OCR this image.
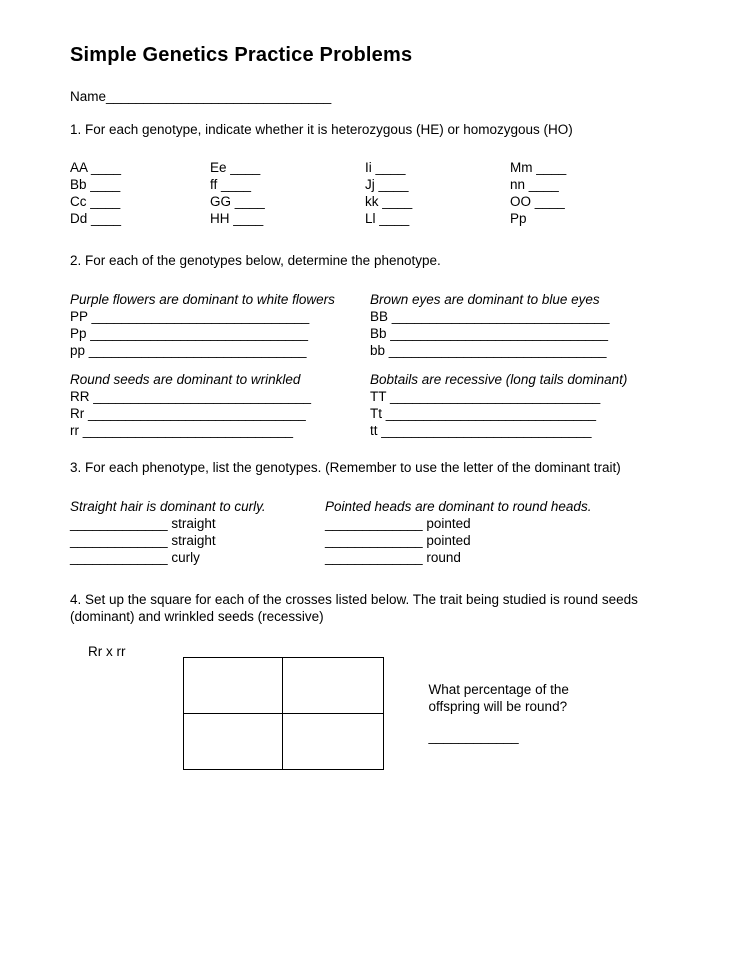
Simple Genetics Practice Problems
Name______________________________
1. For each genotype, indicate whether it is heterozygous (HE) or homozygous (HO)
AA ____
Bb ____
Cc ____
Dd ____
Ee ____
ff ____
GG ____
HH ____
Ii ____
Jj ____
kk ____
Ll ____
Mm ____
nn ____
OO ____
Pp
2. For each of the genotypes below, determine the phenotype.
Purple flowers are dominant to white flowers
PP _____________________________
Pp _____________________________
pp _____________________________
Brown eyes are dominant to blue eyes
BB _____________________________
Bb _____________________________
bb _____________________________
Round seeds are dominant to wrinkled
RR _____________________________
Rr _____________________________
rr ____________________________
Bobtails are recessive (long tails dominant)
TT ____________________________
Tt ____________________________
tt ____________________________
3. For each phenotype, list the genotypes. (Remember to use the letter of the dominant trait)
Straight hair is dominant to curly.
_____________ straight
_____________ straight
_____________ curly
Pointed heads are dominant to round heads.
_____________ pointed
_____________ pointed
_____________ round
4. Set up the square for each of the crosses listed below. The trait being studied is round seeds (dominant) and wrinkled seeds (recessive)
Rr x rr
What percentage of the offspring will be round?
____________
